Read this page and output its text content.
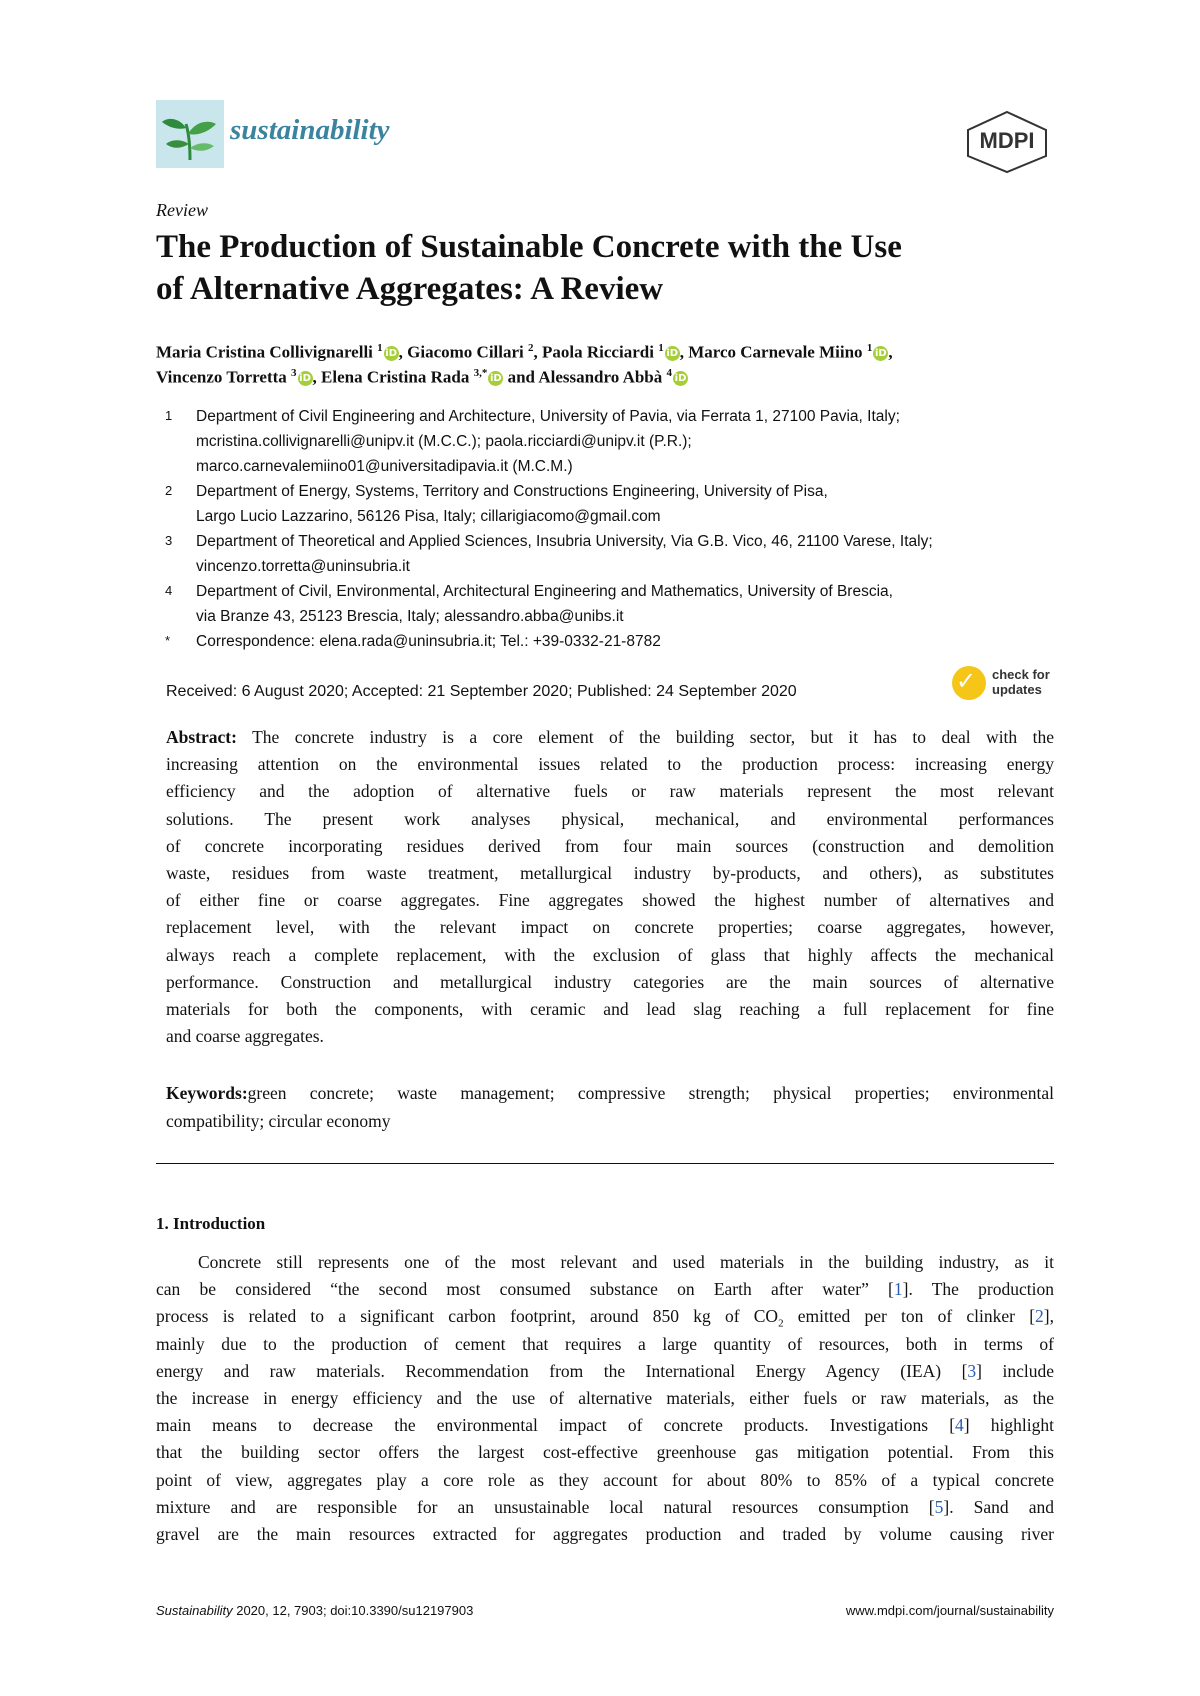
sustainability	MDPI
Review
The Production of Sustainable Concrete with the Use
of Alternative Aggregates: A Review
Maria Cristina Collivignarelli $^1$ iD, Giacomo Cillari $^2$, Paola Ricciardi $^1$ iD, Marco Carnevale Miino $^1$ iD,
Vincenzo Torretta $^3$ iD, Elena Cristina Rada $^{3,*}$ iD and Alessandro Abbà $^4$ iD
1 Department of Civil Engineering and Architecture, University of Pavia, via Ferrata 1, 27100 Pavia, Italy;
mcristina.collivignarelli@unipv.it (M.C.C.); paola.ricciardi@unipv.it (P.R.);
marco.carnevalemiino01@universitadipavia.it (M.C.M.)
2 Department of Energy, Systems, Territory and Constructions Engineering, University of Pisa,
Largo Lucio Lazzarino, 56126 Pisa, Italy; cillarigiacomo@gmail.com
3 Department of Theoretical and Applied Sciences, Insubria University, Via G.B. Vico, 46, 21100 Varese, Italy;
vincenzo.torretta@uninsubria.it
4 Department of Civil, Environmental, Architectural Engineering and Mathematics, University of Brescia,
via Branze 43, 25123 Brescia, Italy; alessandro.abba@unibs.it
* Correspondence: elena.rada@uninsubria.it; Tel.: +39-0332-21-8782
Received: 6 August 2020; Accepted: 21 September 2020; Published: 24 September 2020	✓ check for
updates
Abstract: The concrete industry is a core element of the building sector, but it has to deal with the
increasing attention on the environmental issues related to the production process: increasing energy
efficiency and the adoption of alternative fuels or raw materials represent the most relevant
solutions. The present work analyses physical, mechanical, and environmental performances
of concrete incorporating residues derived from four main sources (construction and demolition
waste, residues from waste treatment, metallurgical industry by-products, and others), as substitutes
of either fine or coarse aggregates. Fine aggregates showed the highest number of alternatives and
replacement level, with the relevant impact on concrete properties; coarse aggregates, however,
always reach a complete replacement, with the exclusion of glass that highly affects the mechanical
performance. Construction and metallurgical industry categories are the main sources of alternative
materials for both the components, with ceramic and lead slag reaching a full replacement for fine
and coarse aggregates.
Keywords:green concrete; waste management; compressive strength; physical properties; environmental
compatibility; circular economy
1. Introduction
Concrete still represents one of the most relevant and used materials in the building industry, as it
can be considered “the second most consumed substance on Earth after water” [1]. The production
process is related to a significant carbon footprint, around 850 kg of $CO_2$ emitted per ton of clinker [2],
mainly due to the production of cement that requires a large quantity of resources, both in terms of
energy and raw materials. Recommendation from the International Energy Agency (IEA) [3] include
the increase in energy efficiency and the use of alternative materials, either fuels or raw materials, as the
main means to decrease the environmental impact of concrete products. Investigations [4] highlight
that the building sector offers the largest cost-effective greenhouse gas mitigation potential. From this
point of view, aggregates play a core role as they account for about 80% to 85% of a typical concrete
mixture and are responsible for an unsustainable local natural resources consumption [5]. Sand and
gravel are the main resources extracted for aggregates production and traded by volume causing river
Sustainability 2020, 12, 7903; doi:10.3390/su12197903	www.mdpi.com/journal/sustainability
